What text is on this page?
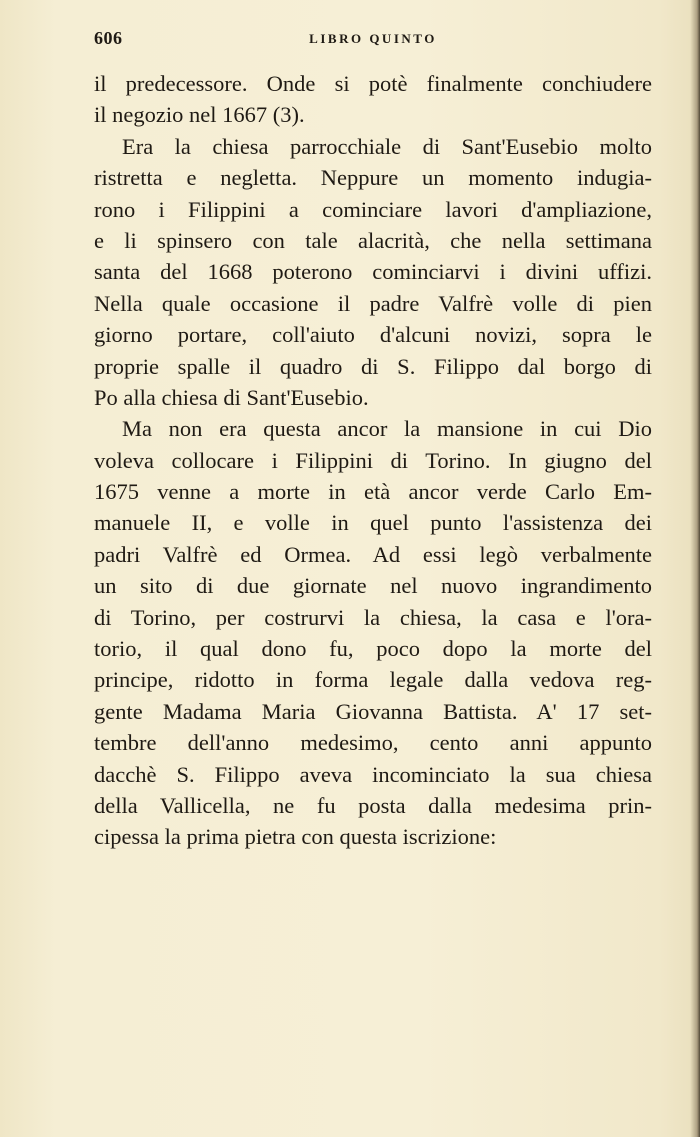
606	LIBRO QUINTO
il predecessore. Onde si potè finalmente conchiudere
il negozio nel 1667 (3).
Era la chiesa parrocchiale di Sant'Eusebio molto
ristretta e negletta. Neppure un momento indugia-
rono i Filippini a cominciare lavori d'ampliazione,
e li spinsero con tale alacrità, che nella settimana
santa del 1668 poterono cominciarvi i divini uffizi.
Nella quale occasione il padre Valfrè volle di pien
giorno portare, coll'aiuto d'alcuni novizi, sopra le
proprie spalle il quadro di S. Filippo dal borgo di
Po alla chiesa di Sant'Eusebio.
Ma non era questa ancor la mansione in cui Dio
voleva collocare i Filippini di Torino. In giugno del
1675 venne a morte in età ancor verde Carlo Em-
manuele II, e volle in quel punto l'assistenza dei
padri Valfrè ed Ormea. Ad essi legò verbalmente
un sito di due giornate nel nuovo ingrandimento
di Torino, per costrurvi la chiesa, la casa e l'ora-
torio, il qual dono fu, poco dopo la morte del
principe, ridotto in forma legale dalla vedova reg-
gente Madama Maria Giovanna Battista. A' 17 set-
tembre dell'anno medesimo, cento anni appunto
dacchè S. Filippo aveva incominciato la sua chiesa
della Vallicella, ne fu posta dalla medesima prin-
cipessa la prima pietra con questa iscrizione:
